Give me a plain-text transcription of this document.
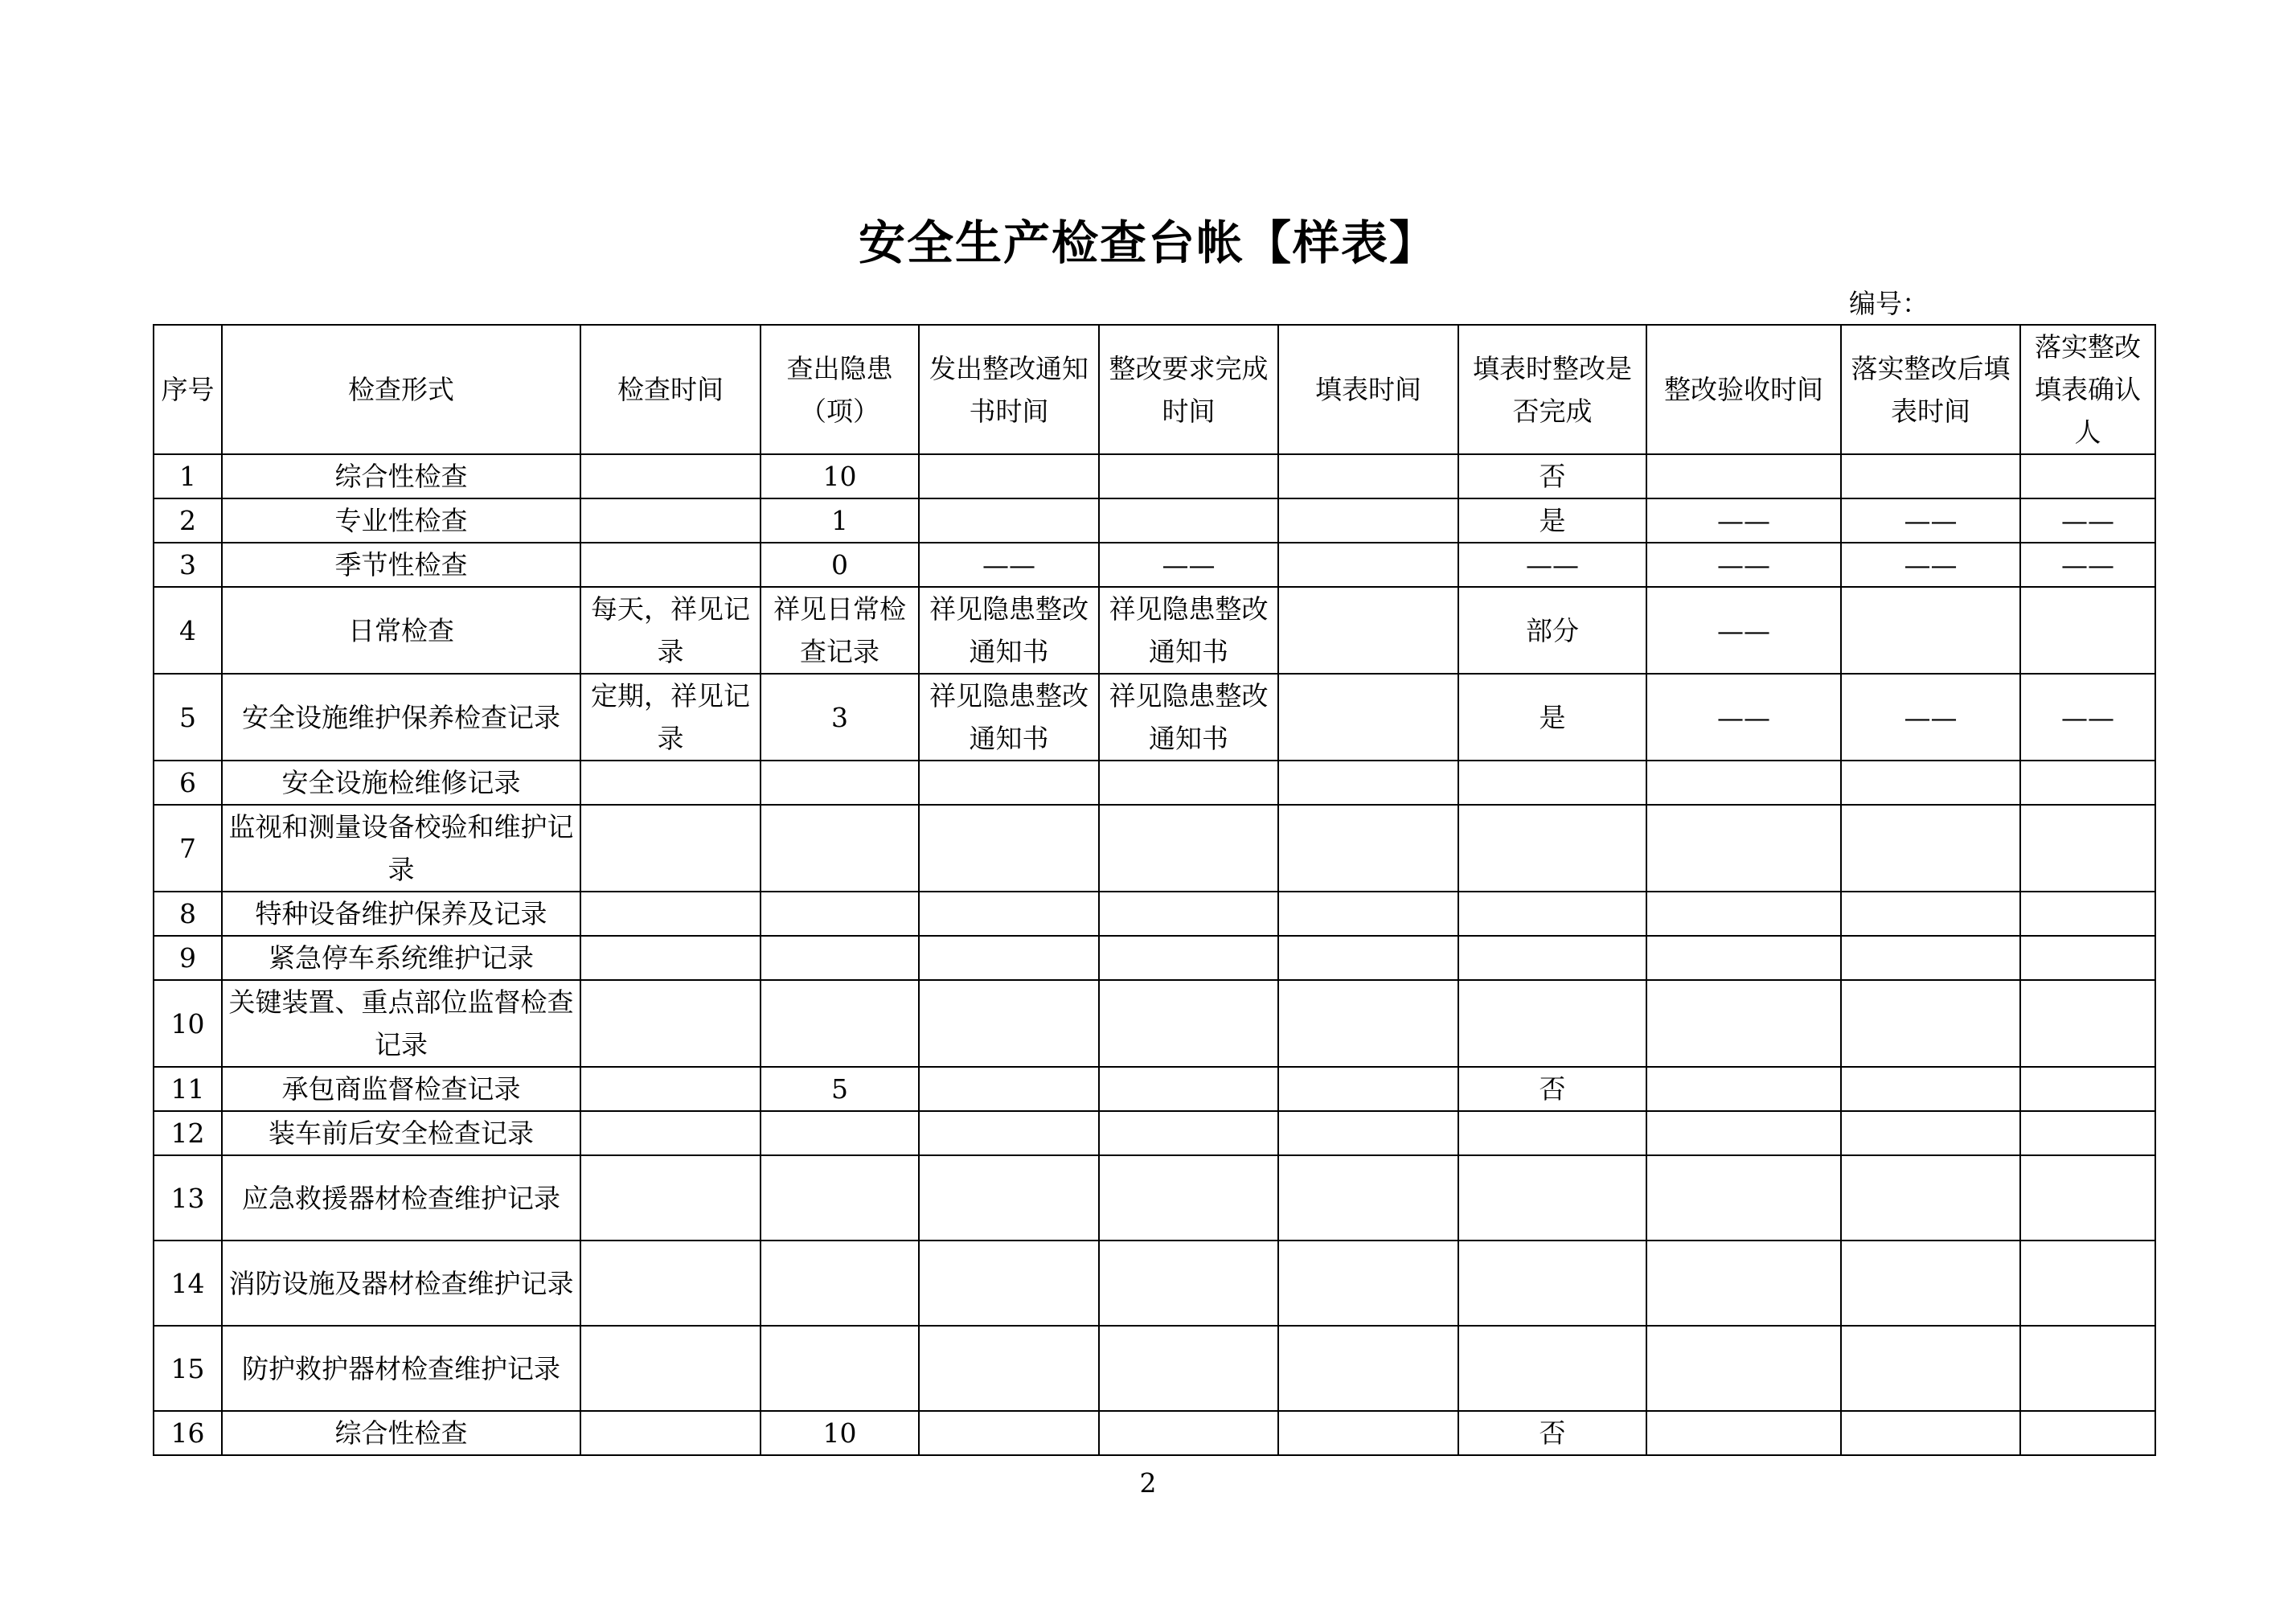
安全生产检查台帐【样表】
编号：
序号	检查形式	检查时间	查出隐患（项）	发出整改通知书时间	整改要求完成时间	填表时间	填表时整改是否完成	整改验收时间	落实整改后填表时间	落实整改填表确认人
1	综合性检查		10				否			
2	专业性检查		1				是	——	——	——
3	季节性检查		0	——	——		——	——	——	——
4	日常检查	每天，祥见记录	祥见日常检查记录	祥见隐患整改通知书	祥见隐患整改通知书		部分	——		
5	安全设施维护保养检查记录	定期，祥见记录	3	祥见隐患整改通知书	祥见隐患整改通知书		是	——	——	——
6	安全设施检维修记录									
7	监视和测量设备校验和维护记录									
8	特种设备维护保养及记录									
9	紧急停车系统维护记录									
10	关键装置、重点部位监督检查记录									
11	承包商监督检查记录		5				否			
12	装车前后安全检查记录									
13	应急救援器材检查维护记录									
14	消防设施及器材检查维护记录									
15	防护救护器材检查维护记录									
16	综合性检查		10				否			
2
